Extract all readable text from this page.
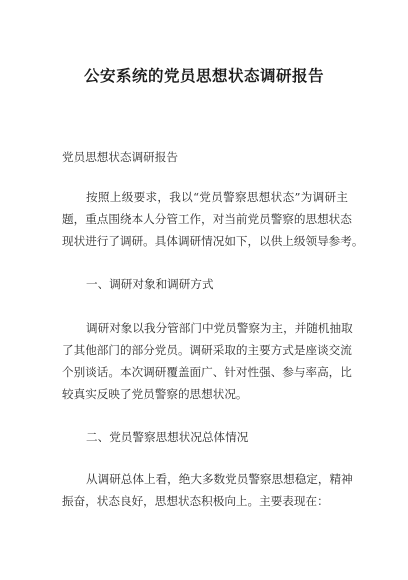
公安系统的党员思想状态调研报告
党员思想状态调研报告
按照上级要求，我以“党员警察思想状态”为调研主
题，重点围绕本人分管工作，对当前党员警察的思想状态
现状进行了调研。具体调研情况如下，以供上级领导参考。
一、调研对象和调研方式
调研对象以我分管部门中党员警察为主，并随机抽取
了其他部门的部分党员。调研采取的主要方式是座谈交流
个别谈话。本次调研覆盖面广、针对性强、参与率高，比
较真实反映了党员警察的思想状况。
二、党员警察思想状况总体情况
从调研总体上看，绝大多数党员警察思想稳定，精神
振奋，状态良好，思想状态积极向上。主要表现在：
